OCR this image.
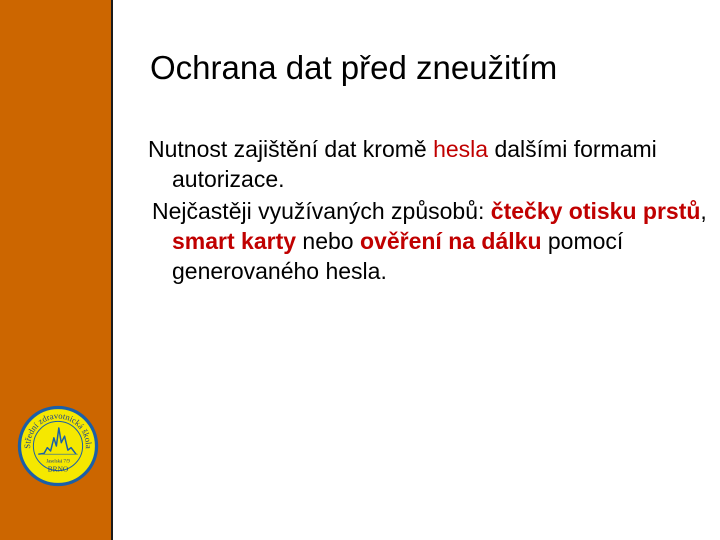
Ochrana dat před zneužitím

Nutnost zajištění dat kromě hesla dalšími formami autorizace.

Nejčastěji využívaných způsobů: čtečky otisku prstů, smart karty nebo ověření na dálku pomocí generovaného hesla.

Střední zdravotnická škola
Jaselská 7/9
BRNO
